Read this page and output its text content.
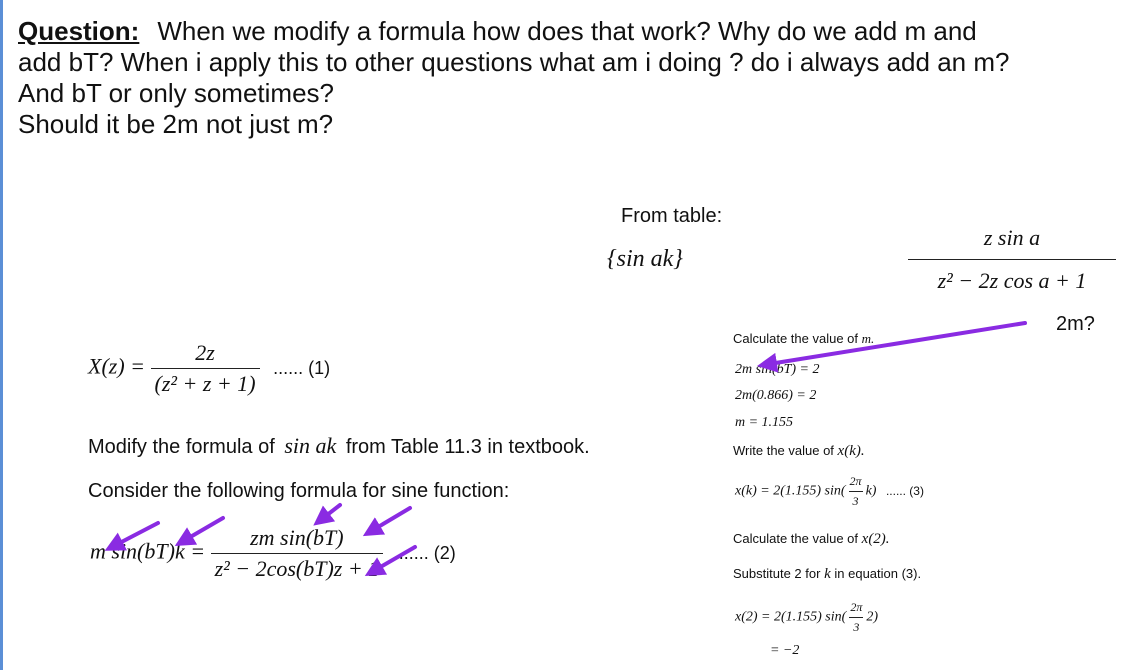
Question: When we modify a formula how does that work? Why do we add m and add bT? When i apply this to other questions what am i doing ? do i always add an m? And bT or only sometimes?
Should it be 2m not just m?
From table:
{sin ak}	$\frac{\text{z sin a}}{\text{z² − 2z cos a + 1}}$
2m?
$X(z) = \frac{2z}{\text{(z² + z + 1)}}$ ...... (1)
Modify the formula of sin ak from Table 11.3 in textbook.
Consider the following formula for sine function:
m $\sin(bT)k = \frac{\text{zm sin(bT)}}{\text{z² − 2cos(bT)z + 1}}$ ...... (2)
Calculate the value of m.
2m sin(bT) = 2
2m(0.866) = 2
m = 1.155
Write the value of x(k).
x(k) = 2(1.155) $\sin( \frac{2\pi}{3} k)$ ...... (3)
Calculate the value of x(2).
Substitute 2 for k in equation (3).
x(2) = 2(1.155) $\sin( \frac{2\pi}{3} 2)$
= −2
